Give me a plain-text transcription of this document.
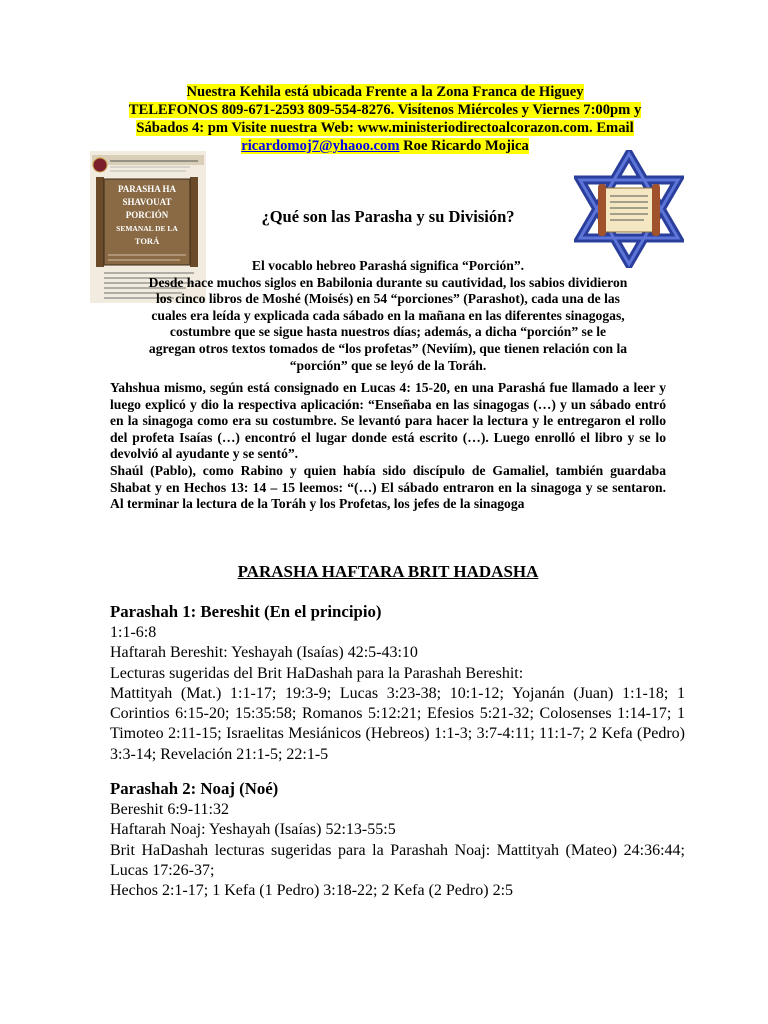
Nuestra Kehila está ubicada Frente a la Zona Franca de Higuey
TELEFONOS 809-671-2593 809-554-8276. Visítenos Miércoles y Viernes 7:00pm y
Sábados 4: pm Visite nuestra Web: www.ministeriodirectoalcorazon.com. Email
ricardomoj7@yhaoo.com Roe Ricardo Mojica
PARASHA HA
SHAVOUAT
PORCIÓN
SEMANAL DE LA
TORÁ
¿Qué son las Parasha y su División?
El vocablo hebreo Parashá significa “Porción”.
Desde hace muchos siglos en Babilonia durante su cautividad, los sabios dividieron
los cinco libros de Moshé (Moisés) en 54 “porciones” (Parashot), cada una de las
cuales era leída y explicada cada sábado en la mañana en las diferentes sinagogas,
costumbre que se sigue hasta nuestros días; además, a dicha “porción” se le
agregan otros textos tomados de “los profetas” (Neviím), que tienen relación con la
“porción” que se leyó de la Toráh.

Yahshua mismo, según está consignado en Lucas 4: 15-20, en una Parashá fue llamado a leer y luego explicó y dio la respectiva aplicación: “Enseñaba en las sinagogas (…) y un sábado entró en la sinagoga como era su costumbre. Se levantó para hacer la lectura y le entregaron el rollo del profeta Isaías (…) encontró el lugar donde está escrito (…). Luego enrolló el libro y se lo devolvió al ayudante y se sentó”.

Shaúl (Pablo), como Rabino y quien había sido discípulo de Gamaliel, también guardaba Shabat y en Hechos 13: 14 – 15 leemos: “(…) El sábado entraron en la sinagoga y se sentaron. Al terminar la lectura de la Toráh y los Profetas, los jefes de la sinagoga

PARASHA HAFTARA BRIT HADASHA
Parashah 1: Bereshit (En el principio)

1:1-6:8

Haftarah Bereshit: Yeshayah (Isaías) 42:5-43:10

Lecturas sugeridas del Brit HaDashah para la Parashah Bereshit:

Mattityah (Mat.) 1:1-17; 19:3-9; Lucas 3:23-38; 10:1-12; Yojanán (Juan) 1:1-18; 1 Corintios 6:15-20; 15:35:58; Romanos 5:12:21; Efesios 5:21-32; Colosenses 1:14-17; 1 Timoteo 2:11-15; Israelitas Mesiánicos (Hebreos) 1:1-3; 3:7-4:11; 11:1-7; 2 Kefa (Pedro) 3:3-14; Revelación 21:1-5; 22:1-5

Parashah 2: Noaj (Noé)

Bereshit 6:9-11:32

Haftarah Noaj: Yeshayah (Isaías) 52:13-55:5

Brit HaDashah lecturas sugeridas para la Parashah Noaj: Mattityah (Mateo) 24:36:44; Lucas 17:26-37;

Hechos 2:1-17; 1 Kefa (1 Pedro) 3:18-22; 2 Kefa (2 Pedro) 2:5
